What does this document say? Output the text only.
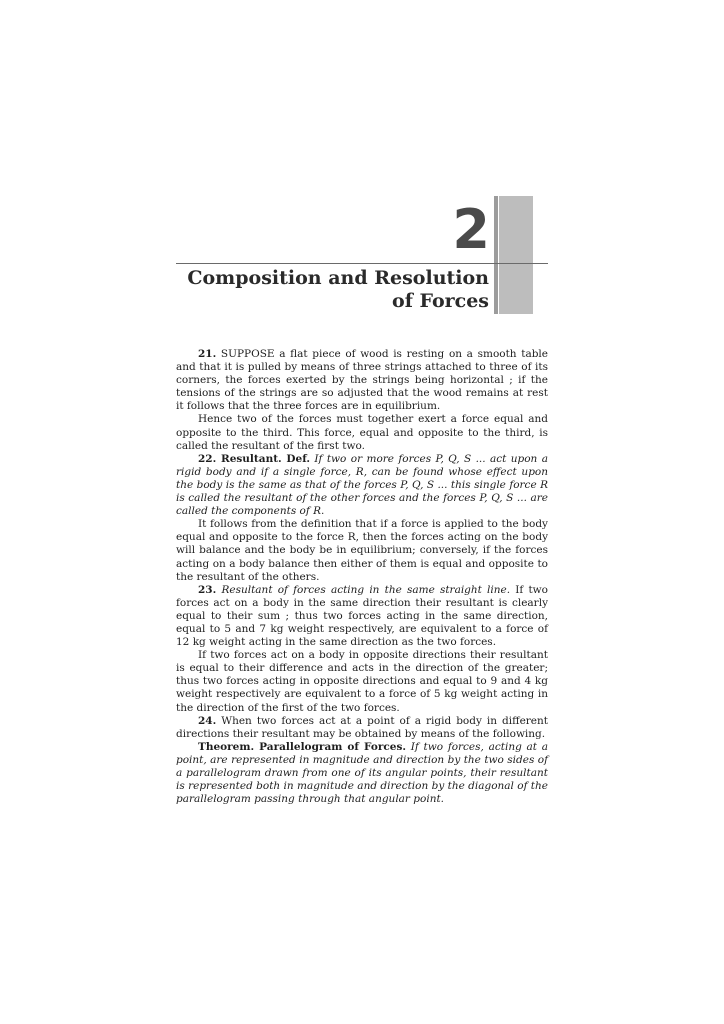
2
Composition and Resolution
of Forces

21. SUPPOSE a flat piece of wood is resting on a smooth table and that it is pulled by means of three strings attached to three of its corners, the forces exerted by the strings being horizontal ; if the tensions of the strings are so adjusted that the wood remains at rest it follows that the three forces are in equilibrium.

Hence two of the forces must together exert a force equal and opposite to the third. This force, equal and opposite to the third, is called the resultant of the first two.

22. Resultant. Def. If two or more forces P, Q, S ... act upon a rigid body and if a single force, R, can be found whose effect upon the body is the same as that of the forces P, Q, S ... this single force R is called the resultant of the other forces and the forces P, Q, S ... are called the components of R.

It follows from the definition that if a force is applied to the body equal and opposite to the force R, then the forces acting on the body will balance and the body be in equilibrium; conversely, if the forces acting on a body balance then either of them is equal and opposite to the resultant of the others.

23. Resultant of forces acting in the same straight line. If two forces act on a body in the same direction their resultant is clearly equal to their sum ; thus two forces acting in the same direction, equal to 5 and 7 kg weight respectively, are equivalent to a force of 12 kg weight acting in the same direction as the two forces.

If two forces act on a body in opposite directions their resultant is equal to their difference and acts in the direction of the greater; thus two forces acting in opposite directions and equal to 9 and 4 kg weight respectively are equivalent to a force of 5 kg weight acting in the direction of the first of the two forces.

24. When two forces act at a point of a rigid body in different directions their resultant may be obtained by means of the following.

Theorem. Parallelogram of Forces. If two forces, acting at a point, are represented in magnitude and direction by the two sides of a parallelogram drawn from one of its angular points, their resultant is represented both in magnitude and direction by the diagonal of the parallelogram passing through that angular point.
